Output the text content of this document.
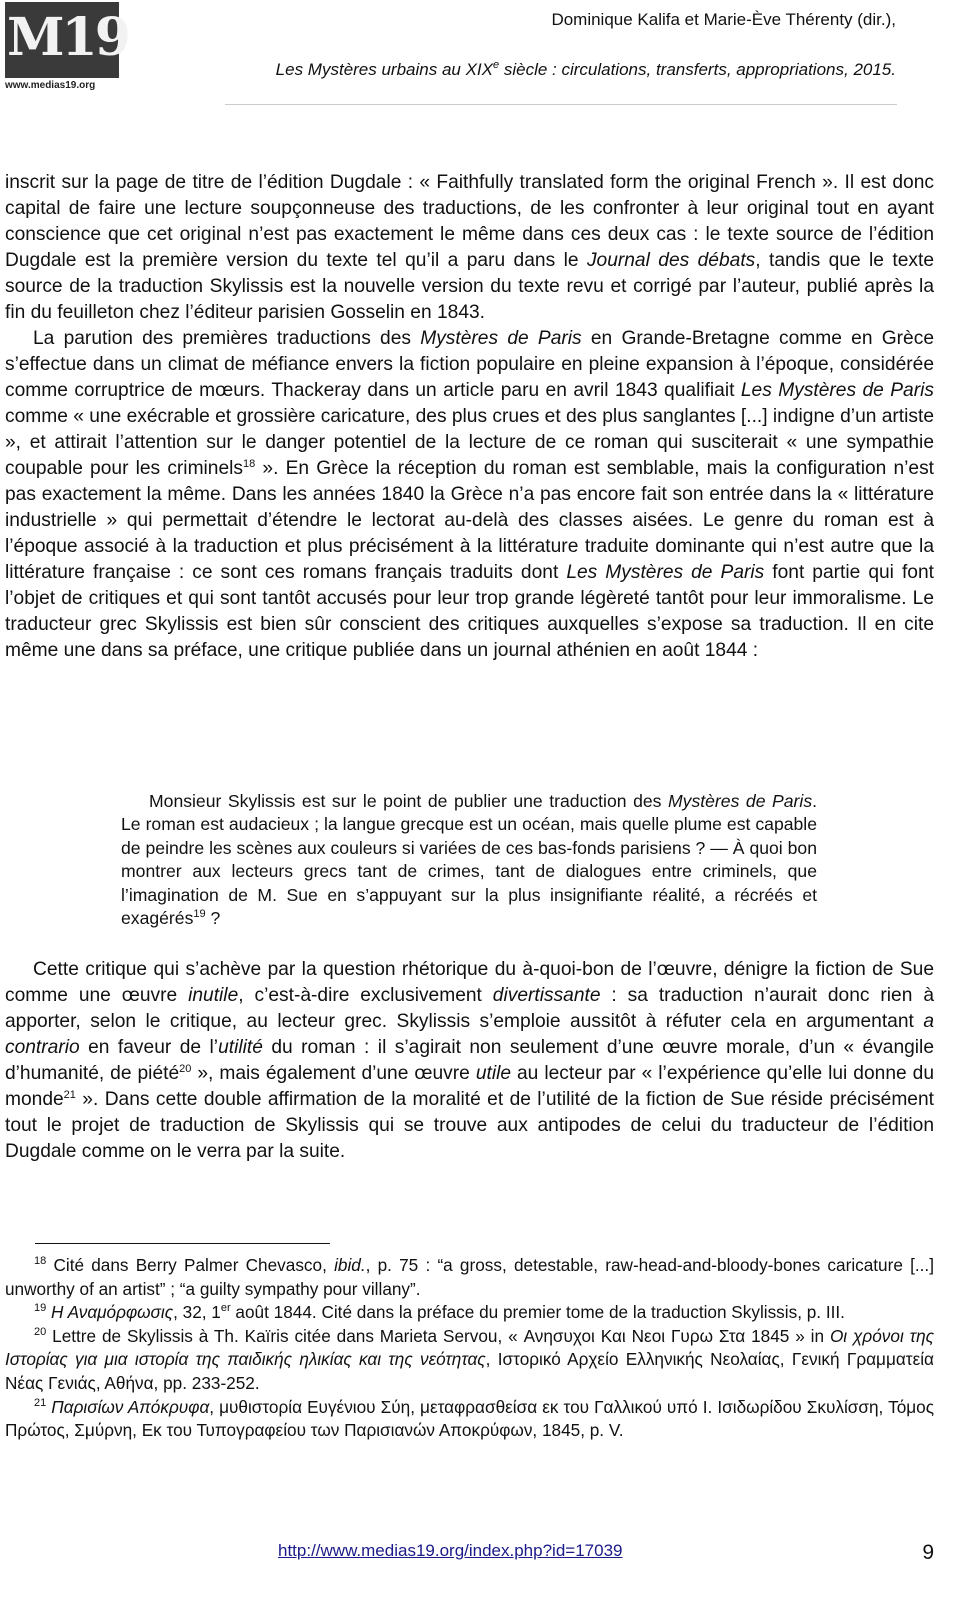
M19
www.medias19.org
Dominique Kalifa et Marie-Ève Thérenty (dir.),
Les Mystères urbains au XIXe siècle : circulations, transferts, appropriations, 2015.

inscrit sur la page de titre de l’édition Dugdale : « Faithfully translated form the original French ». Il est donc capital de faire une lecture soupçonneuse des traductions, de les confronter à leur original tout en ayant conscience que cet original n’est pas exactement le même dans ces deux cas : le texte source de l’édition Dugdale est la première version du texte tel qu’il a paru dans le Journal des débats, tandis que le texte source de la traduction Skylissis est la nouvelle version du texte revu et corrigé par l’auteur, publié après la fin du feuilleton chez l’éditeur parisien Gosselin en 1843.

La parution des premières traductions des Mystères de Paris en Grande-Bretagne comme en Grèce s’effectue dans un climat de méfiance envers la fiction populaire en pleine expansion à l’époque, considérée comme corruptrice de mœurs. Thackeray dans un article paru en avril 1843 qualifiait Les Mystères de Paris comme « une exécrable et grossière caricature, des plus crues et des plus sanglantes [...] indigne d’un artiste », et attirait l’attention sur le danger potentiel de la lecture de ce roman qui susciterait « une sympathie coupable pour les criminels$^{18}$ ». En Grèce la réception du roman est semblable, mais la configuration n’est pas exactement la même. Dans les années 1840 la Grèce n’a pas encore fait son entrée dans la « littérature industrielle » qui permettait d’étendre le lectorat au-delà des classes aisées. Le genre du roman est à l’époque associé à la traduction et plus précisément à la littérature traduite dominante qui n’est autre que la littérature française : ce sont ces romans français traduits dont Les Mystères de Paris font partie qui font l’objet de critiques et qui sont tantôt accusés pour leur trop grande légèreté tantôt pour leur immoralisme. Le traducteur grec Skylissis est bien sûr conscient des critiques auxquelles s’expose sa traduction. Il en cite même une dans sa préface, une critique publiée dans un journal athénien en août 1844 :

Monsieur Skylissis est sur le point de publier une traduction des Mystères de Paris. Le roman est audacieux ; la langue grecque est un océan, mais quelle plume est capable de peindre les scènes aux couleurs si variées de ces bas-fonds parisiens ? — À quoi bon montrer aux lecteurs grecs tant de crimes, tant de dialogues entre criminels, que l’imagination de M. Sue en s’appuyant sur la plus insignifiante réalité, a récréés et exagérés$^{19}$ ?

Cette critique qui s’achève par la question rhétorique du à-quoi-bon de l’œuvre, dénigre la fiction de Sue comme une œuvre inutile, c’est-à-dire exclusivement divertissante : sa traduction n’aurait donc rien à apporter, selon le critique, au lecteur grec. Skylissis s’emploie aussitôt à réfuter cela en argumentant a contrario en faveur de l’utilité du roman : il s’agirait non seulement d’une œuvre morale, d’un « évangile d’humanité, de piété$^{20}$ », mais également d’une œuvre utile au lecteur par « l’expérience qu’elle lui donne du monde$^{21}$ ». Dans cette double affirmation de la moralité et de l’utilité de la fiction de Sue réside précisément tout le projet de traduction de Skylissis qui se trouve aux antipodes de celui du traducteur de l’édition Dugdale comme on le verra par la suite.

$^{18}$ Cité dans Berry Palmer Chevasco, ibid., p. 75 : “a gross, detestable, raw-head-and-bloody-bones caricature [...] unworthy of an artist” ; “a guilty sympathy pour villany”.

$^{19}$ Η Αναμόρφωσις, 32, 1er août 1844. Cité dans la préface du premier tome de la traduction Skylissis, p. III.

$^{20}$ Lettre de Skylissis à Th. Kaïris citée dans Marieta Servou, « Ανησυχοι Και Νεοι Γυρω Στα 1845 » in Οι χρόνοι της Ιστορίας για μια ιστορία της παιδικής ηλικίας και της νεότητας, Ιστορικό Αρχείο Ελληνικής Νεολαίας, Γενική Γραμματεία Νέας Γενιάς, Αθήνα, pp. 233-252.

$^{21}$ Παρισίων Απόκρυφα, μυθιστορία Ευγένιου Σύη, μεταφρασθείσα εκ του Γαλλικού υπό Ι. Ισιδωρίδου Σκυλίσση, Τόμος Πρώτος, Σμύρνη, Εκ του Τυπογραφείου των Παρισιανών Αποκρύφων, 1845, p. V.

http://www.medias19.org/index.php?id=17039	9
